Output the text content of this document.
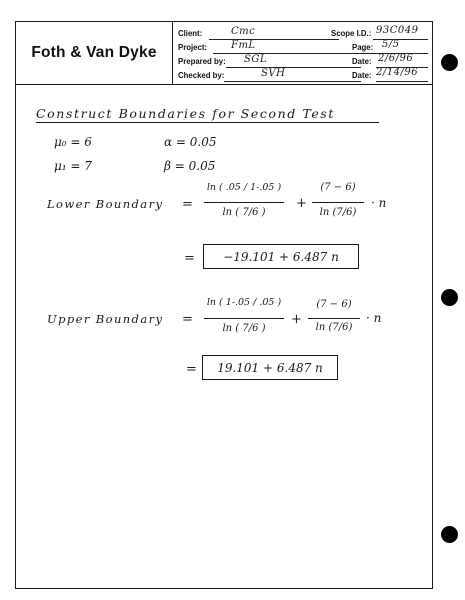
Foth & Van Dyke
Client:	Cmc
Project: FmL
Prepared by: SGL
Checked by:	SVH
Scope I.D.: 93C049
Page: 5/5
Date: 2/6/96
Date: 2/14/96
Construct Boundaries for Second Test
μ₀ = 6	α = 0.05
μ₁ = 7	β = 0.05
Lower Boundary =
ln ( .05 / 1-.05 )
ln ( 7/6 )
+
(7 − 6)
ln (7/6)
· n
=	−19.101 + 6.487 n
Upper Boundary =
ln ( 1-.05 / .05 )
ln ( 7/6 )
+
(7 − 6)
ln (7/6)
· n
=	19.101 + 6.487 n
